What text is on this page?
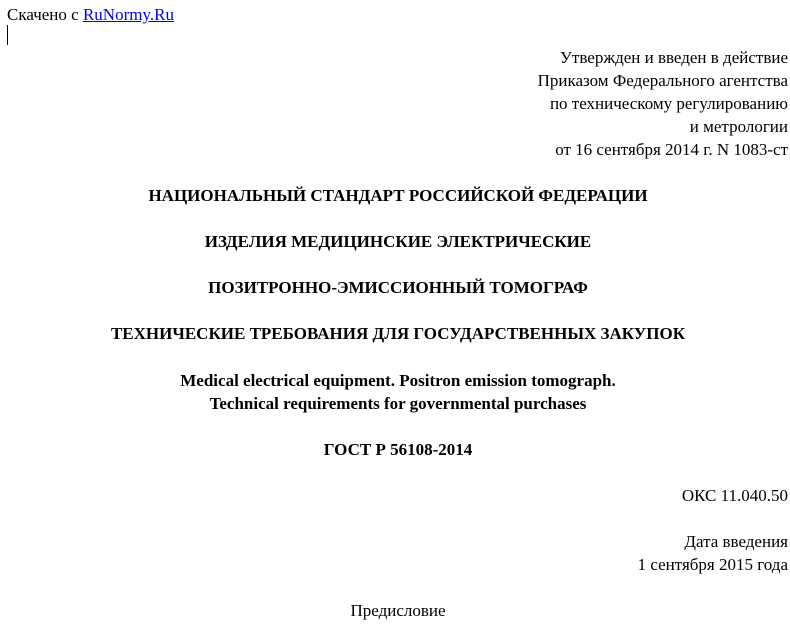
Скачено с RuNormy.Ru
Утвержден и введен в действие
Приказом Федерального агентства
по техническому регулированию
и метрологии
от 16 сентября 2014 г. N 1083-ст
НАЦИОНАЛЬНЫЙ СТАНДАРТ РОССИЙСКОЙ ФЕДЕРАЦИИ
ИЗДЕЛИЯ МЕДИЦИНСКИЕ ЭЛЕКТРИЧЕСКИЕ
ПОЗИТРОННО-ЭМИССИОННЫЙ ТОМОГРАФ
ТЕХНИЧЕСКИЕ ТРЕБОВАНИЯ ДЛЯ ГОСУДАРСТВЕННЫХ ЗАКУПОК
Medical electrical equipment. Positron emission tomograph.
Technical requirements for governmental purchases
ГОСТ Р 56108-2014
ОКС 11.040.50
Дата введения
1 сентября 2015 года
Предисловие
